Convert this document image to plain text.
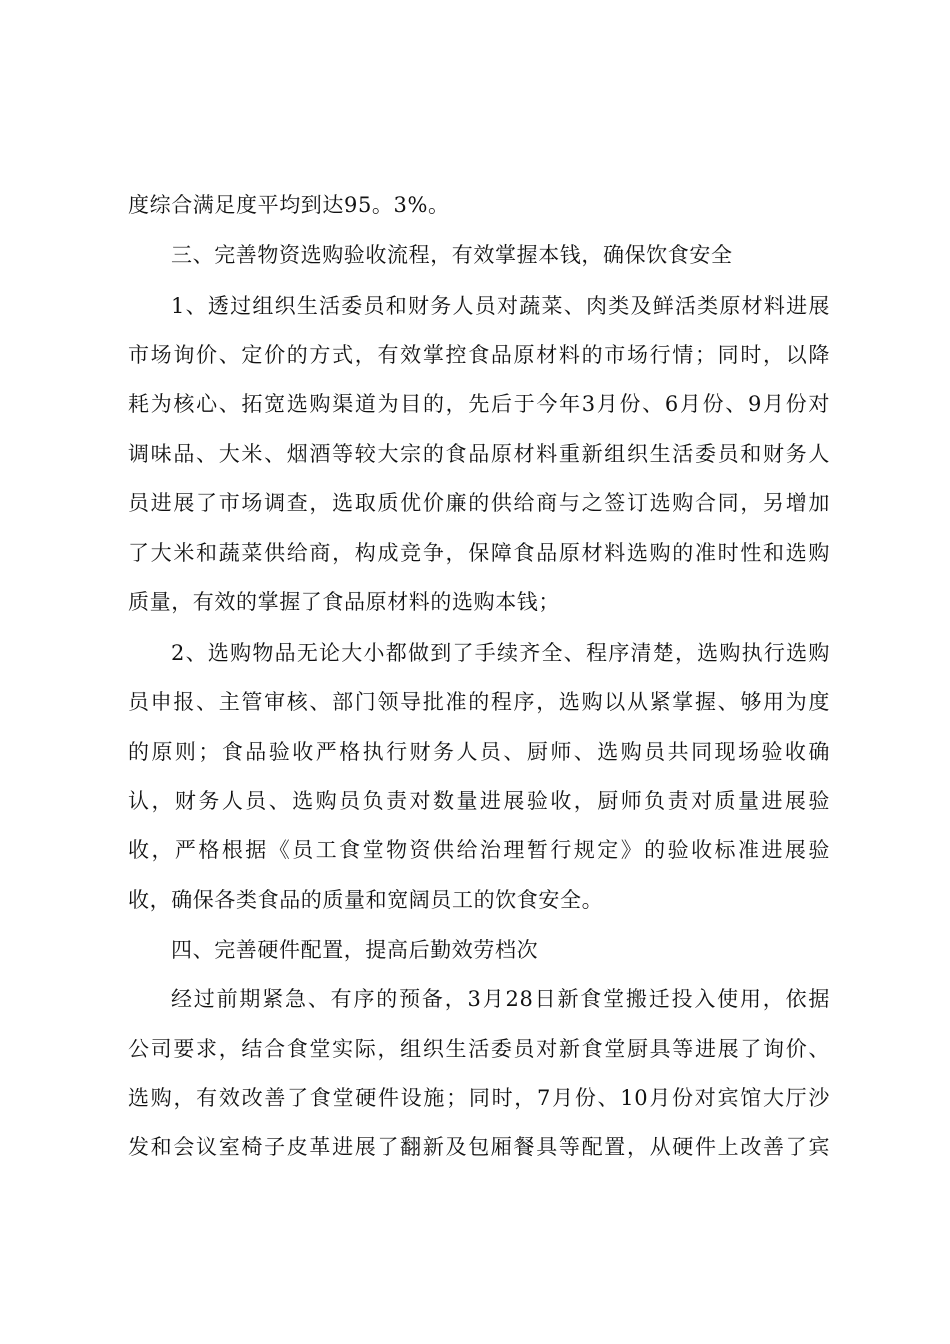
度综合满足度平均到达95。3%。
三、完善物资选购验收流程，有效掌握本钱，确保饮食安全
1、透过组织生活委员和财务人员对蔬菜、肉类及鲜活类原材料进展
市场询价、定价的方式，有效掌控食品原材料的市场行情；同时，以降
耗为核心、拓宽选购渠道为目的，先后于今年3月份、6月份、9月份对
调味品、大米、烟酒等较大宗的食品原材料重新组织生活委员和财务人
员进展了市场调查，选取质优价廉的供给商与之签订选购合同，另增加
了大米和蔬菜供给商，构成竞争，保障食品原材料选购的准时性和选购
质量，有效的掌握了食品原材料的选购本钱；
2、选购物品无论大小都做到了手续齐全、程序清楚，选购执行选购
员申报、主管审核、部门领导批准的程序，选购以从紧掌握、够用为度
的原则；食品验收严格执行财务人员、厨师、选购员共同现场验收确
认，财务人员、选购员负责对数量进展验收，厨师负责对质量进展验
收，严格根据《员工食堂物资供给治理暂行规定》的验收标准进展验
收，确保各类食品的质量和宽阔员工的饮食安全。
四、完善硬件配置，提高后勤效劳档次
经过前期紧急、有序的预备，3月28日新食堂搬迁投入使用，依据
公司要求，结合食堂实际，组织生活委员对新食堂厨具等进展了询价、
选购，有效改善了食堂硬件设施；同时，7月份、10月份对宾馆大厅沙
发和会议室椅子皮革进展了翻新及包厢餐具等配置，从硬件上改善了宾
